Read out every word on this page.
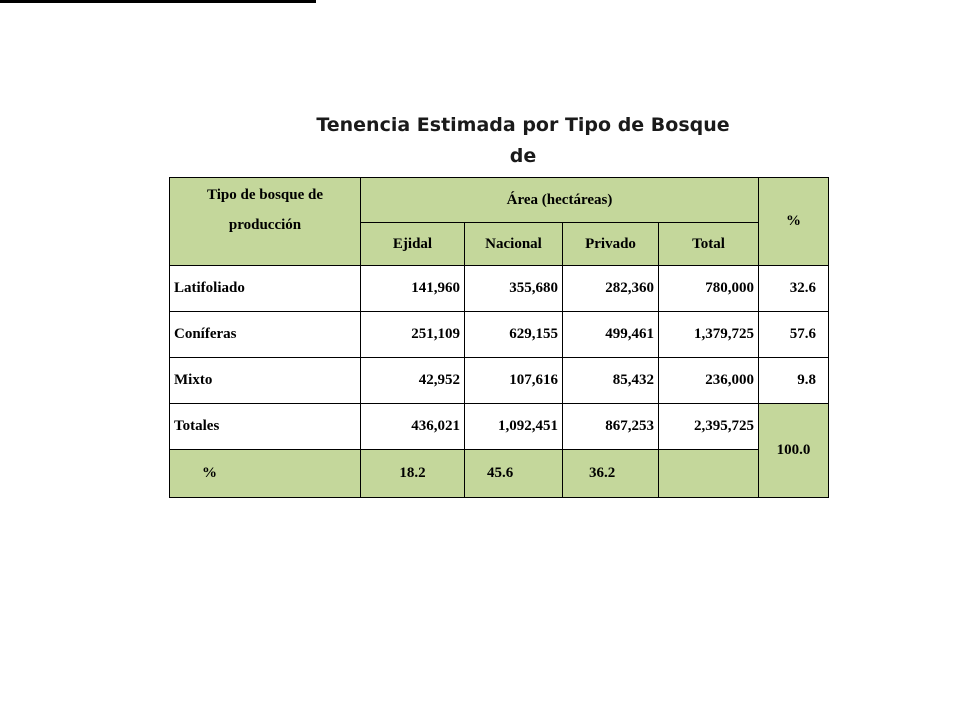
Tenencia Estimada por Tipo de Bosque de
Tipo de bosque de producción	Área (hectáreas)				%
	Ejidal	Nacional	Privado	Total	
Latifoliado	141,960	355,680	282,360	780,000	32.6
Coníferas	251,109	629,155	499,461	1,379,725	57.6
Mixto	42,952	107,616	85,432	236,000	9.8
Totales	436,021	1,092,451	867,253	2,395,725	100.0
%	18.2	45.6	36.2		
